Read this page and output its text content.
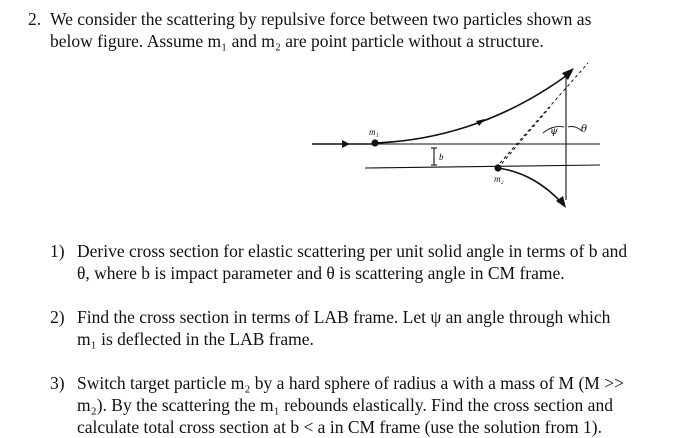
2. We consider the scattering by repulsive force between two particles shown as
below figure. Assume m₁ and m₂ are point particle without a structure.
m₁
m₂
b
ψ θ
1) Derive cross section for elastic scattering per unit solid angle in terms of b and
θ, where b is impact parameter and θ is scattering angle in CM frame.
2) Find the cross section in terms of LAB frame. Let ψ an angle through which
m₁ is deflected in the LAB frame.
3) Switch target particle m₂ by a hard sphere of radius a with a mass of M (M >>
m₂). By the scattering the m₁ rebounds elastically. Find the cross section and
calculate total cross section at b < a in CM frame (use the solution from 1).
